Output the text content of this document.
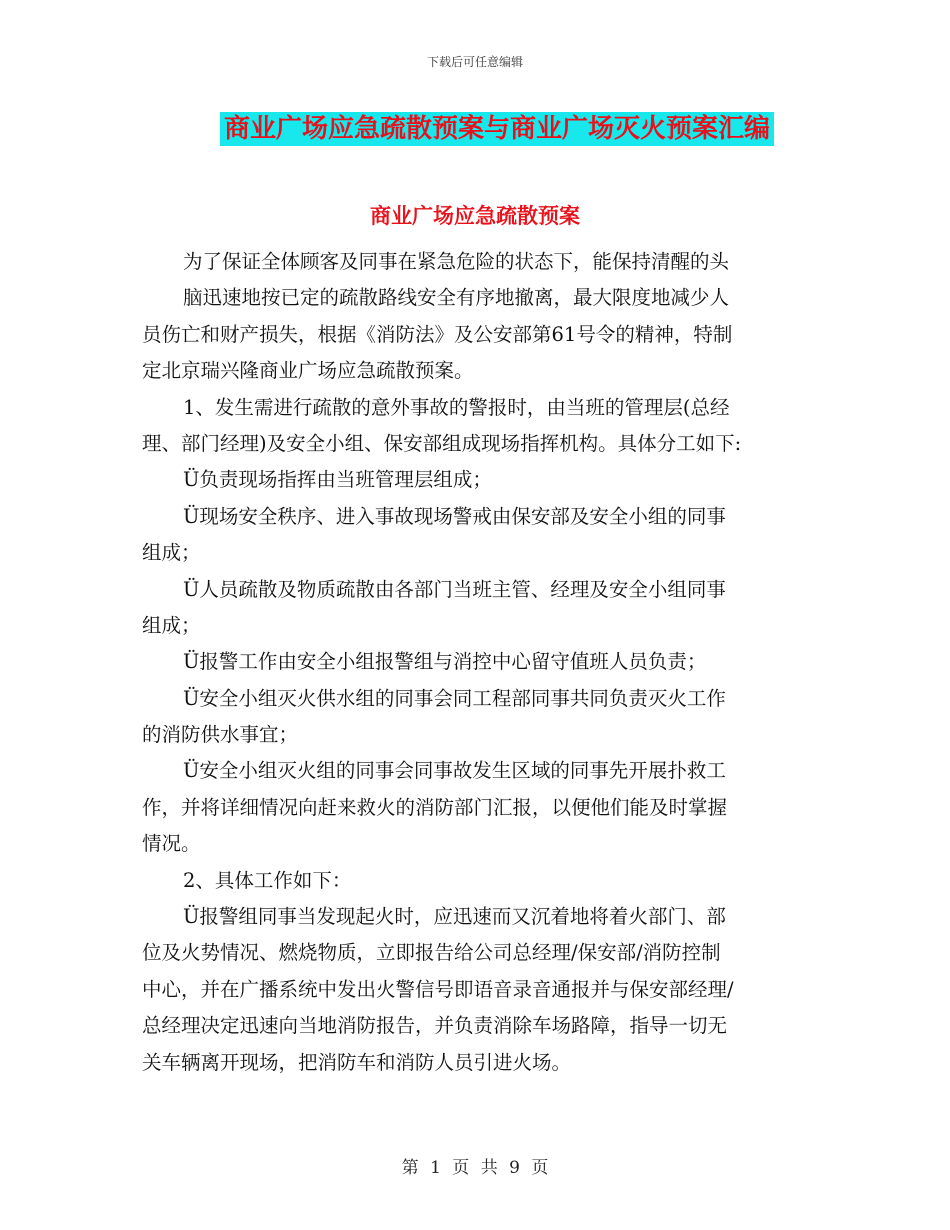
下载后可任意编辑
商业广场应急疏散预案与商业广场灭火预案汇编
商业广场应急疏散预案
为了保证全体顾客及同事在紧急危险的状态下，能保持清醒的头
脑迅速地按已定的疏散路线安全有序地撤离，最大限度地减少人
员伤亡和财产损失，根据《消防法》及公安部第61号令的精神，特制
定北京瑞兴隆商业广场应急疏散预案。
1、发生需进行疏散的意外事故的警报时，由当班的管理层(总经
理、部门经理)及安全小组、保安部组成现场指挥机构。具体分工如下:
Ü负责现场指挥由当班管理层组成；
Ü现场安全秩序、进入事故现场警戒由保安部及安全小组的同事
组成；
Ü人员疏散及物质疏散由各部门当班主管、经理及安全小组同事
组成；
Ü报警工作由安全小组报警组与消控中心留守值班人员负责；
Ü安全小组灭火供水组的同事会同工程部同事共同负责灭火工作
的消防供水事宜；
Ü安全小组灭火组的同事会同事故发生区域的同事先开展扑救工
作，并将详细情况向赶来救火的消防部门汇报，以便他们能及时掌握
情况。
2、具体工作如下：
Ü报警组同事当发现起火时，应迅速而又沉着地将着火部门、部
位及火势情况、燃烧物质，立即报告给公司总经理/保安部/消防控制
中心，并在广播系统中发出火警信号即语音录音通报并与保安部经理/
总经理决定迅速向当地消防报告，并负责消除车场路障，指导一切无
关车辆离开现场，把消防车和消防人员引进火场。
第 1 页 共 9 页
